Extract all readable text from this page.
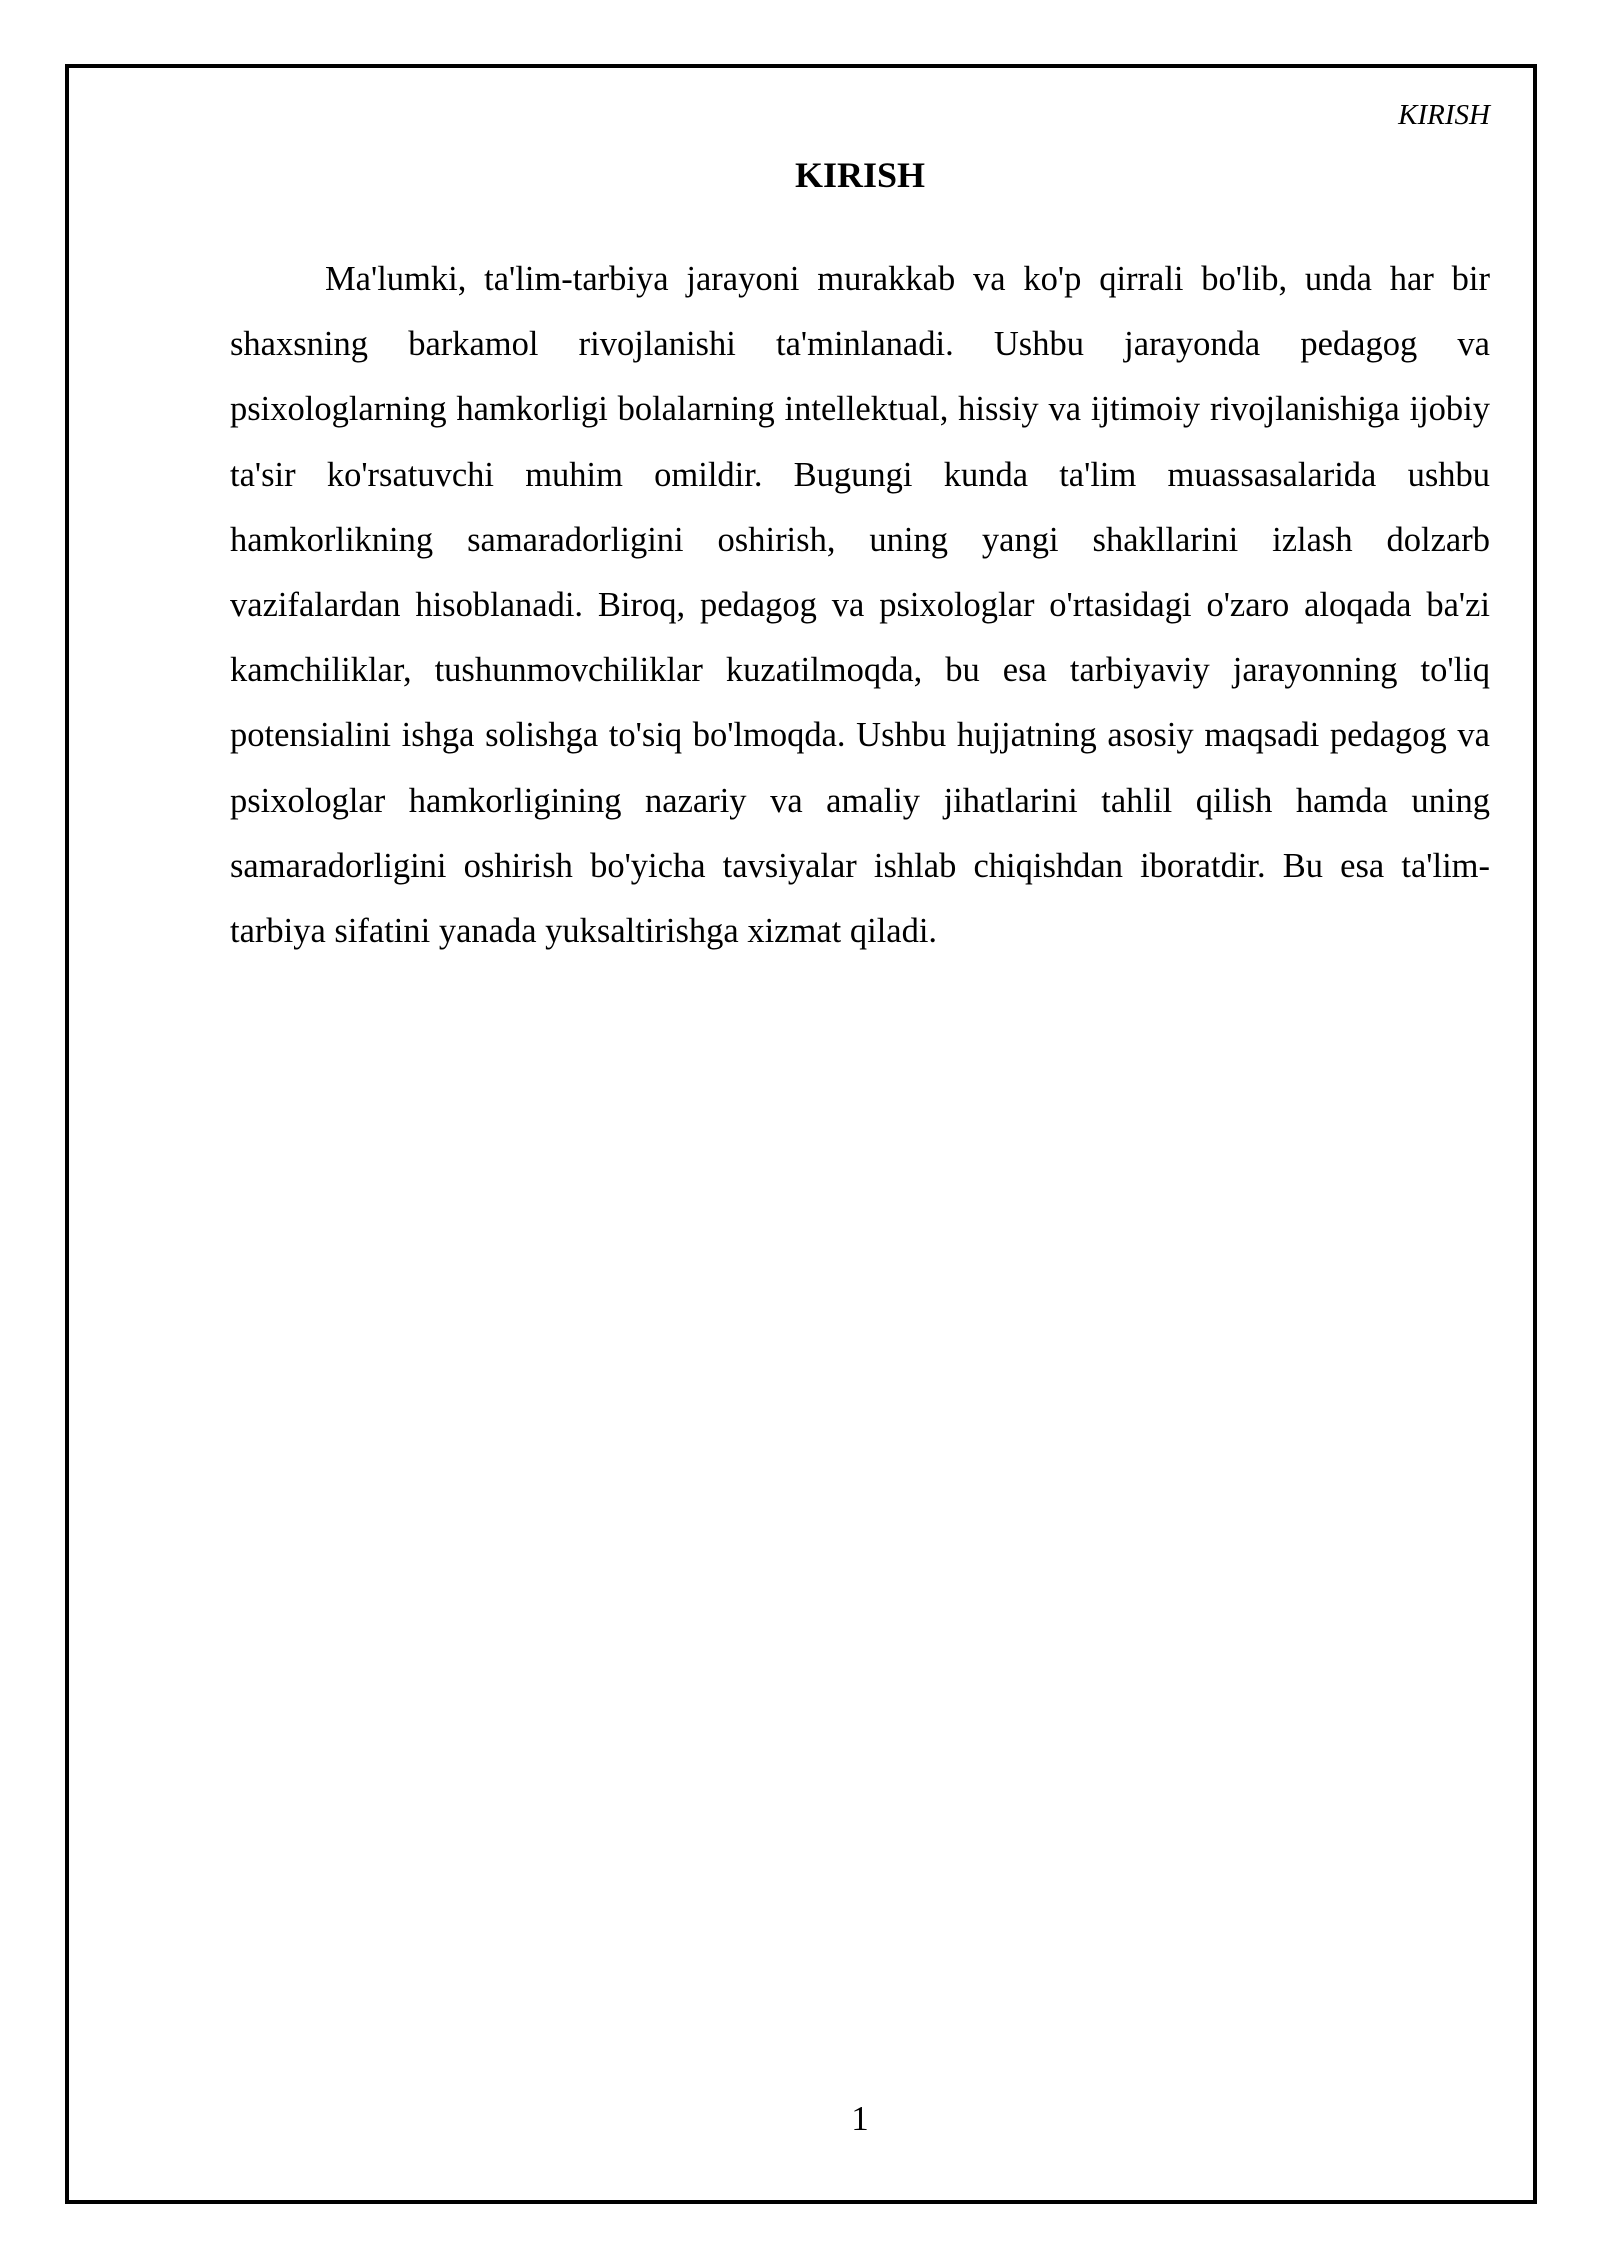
KIRISH
KIRISH

Ma'lumki, ta'lim-tarbiya jarayoni murakkab va ko'p qirrali bo'lib, unda har bir shaxsning barkamol rivojlanishi ta'minlanadi. Ushbu jarayonda pedagog va psixologlarning hamkorligi bolalarning intellektual, hissiy va ijtimoiy rivojlanishiga ijobiy ta'sir ko'rsatuvchi muhim omildir. Bugungi kunda ta'lim muassasalarida ushbu hamkorlikning samaradorligini oshirish, uning yangi shakllarini izlash dolzarb vazifalardan hisoblanadi. Biroq, pedagog va psixologlar o'rtasidagi o'zaro aloqada ba'zi kamchiliklar, tushunmovchiliklar kuzatilmoqda, bu esa tarbiyaviy jarayonning to'liq potensialini ishga solishga to'siq bo'lmoqda. Ushbu hujjatning asosiy maqsadi pedagog va psixologlar hamkorligining nazariy va amaliy jihatlarini tahlil qilish hamda uning samaradorligini oshirish bo'yicha tavsiyalar ishlab chiqishdan iboratdir. Bu esa ta'lim-tarbiya sifatini yanada yuksaltirishga xizmat qiladi.

1
